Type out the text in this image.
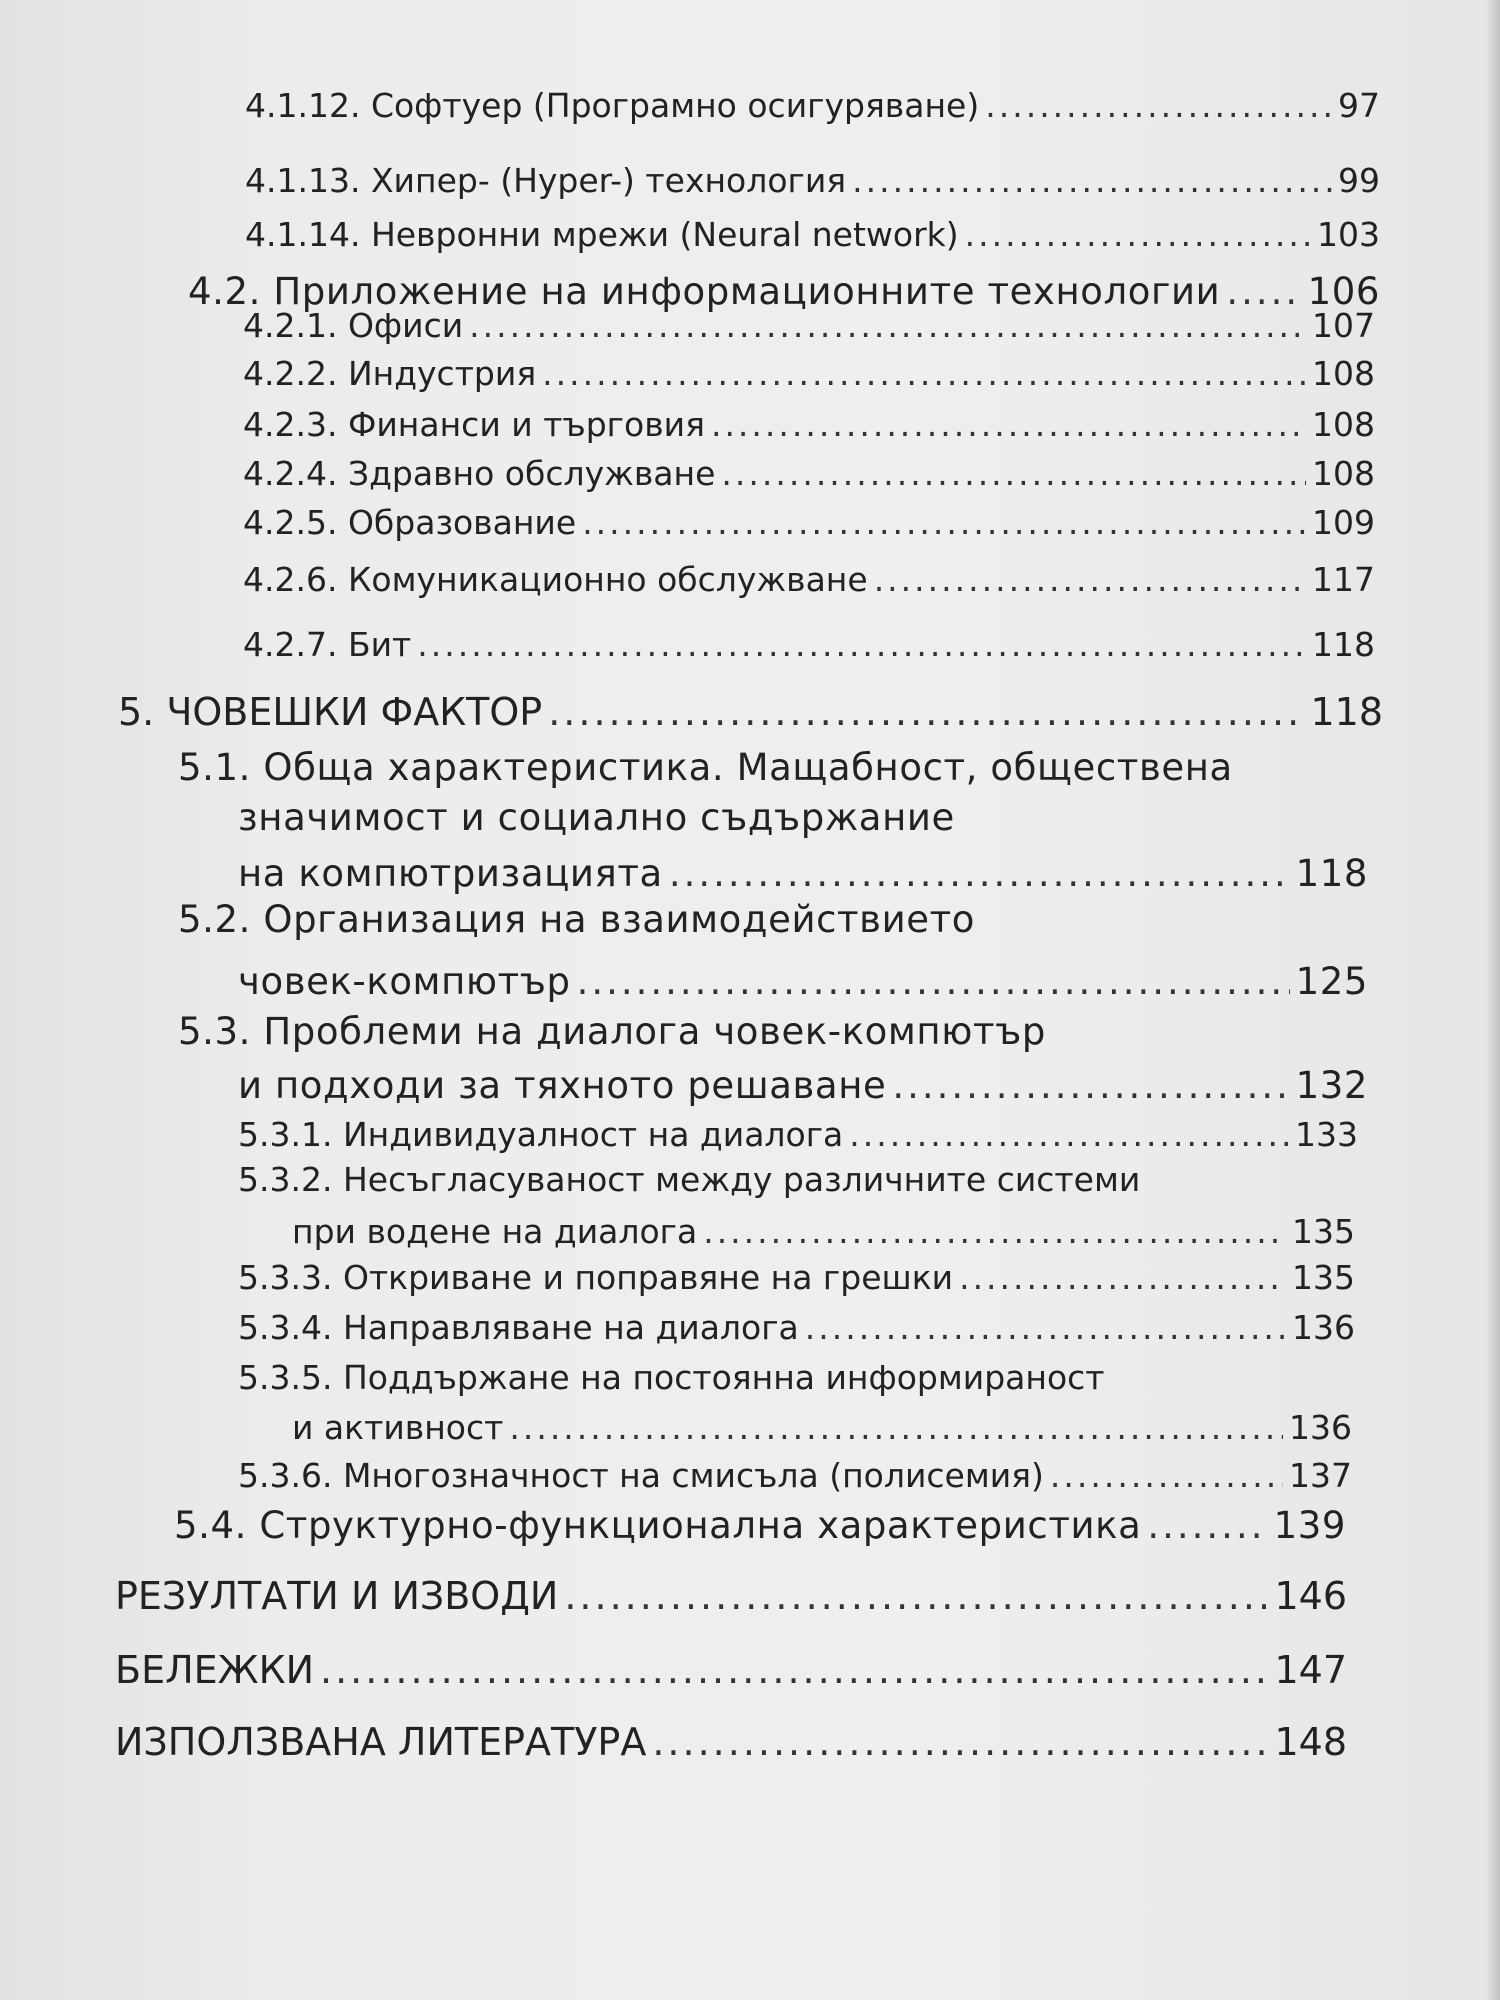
4.1.12. Софтуер (Програмно осигуряване) .....	97
4.1.13. Хипер- (Hyper-) технология .....	99
4.1.14. Невронни мрежи (Neural network) .....	103
4.2. Приложение на информационните технологии ..... 106
4.2.1. Офиси .....	107
4.2.2. Индустрия .....	108
4.2.3. Финанси и търговия .....	108
4.2.4. Здравно обслужване .....	108
4.2.5. Образование .....	109
4.2.6. Комуникационно обслужване .....	117
4.2.7. Бит .....	118
5. ЧОВЕШКИ ФАКТОР .....	118
5.1. Обща характеристика. Мащабност, обществена
значимост и социално съдържание
на компютризацията .....	118
5.2. Организация на взаимодействието
човек-компютър .....	125
5.3. Проблеми на диалога човек-компютър
и подходи за тяхното решаване .....	132
5.3.1. Индивидуалност на диалога .....	133
5.3.2. Несъгласуваност между различните системи
при водене на диалога .....	135
5.3.3. Откриване и поправяне на грешки .....	135
5.3.4. Направляване на диалога .....	136
5.3.5. Поддържане на постоянна информираност
и активност .....	136
5.3.6. Многозначност на смисъла (полисемия) .....	137
5.4. Структурно-функционална характеристика .....	139
РЕЗУЛТАТИ И ИЗВОДИ .....	146
БЕЛЕЖКИ .....	147
ИЗПОЛЗВАНА ЛИТЕРАТУРА .....	148
